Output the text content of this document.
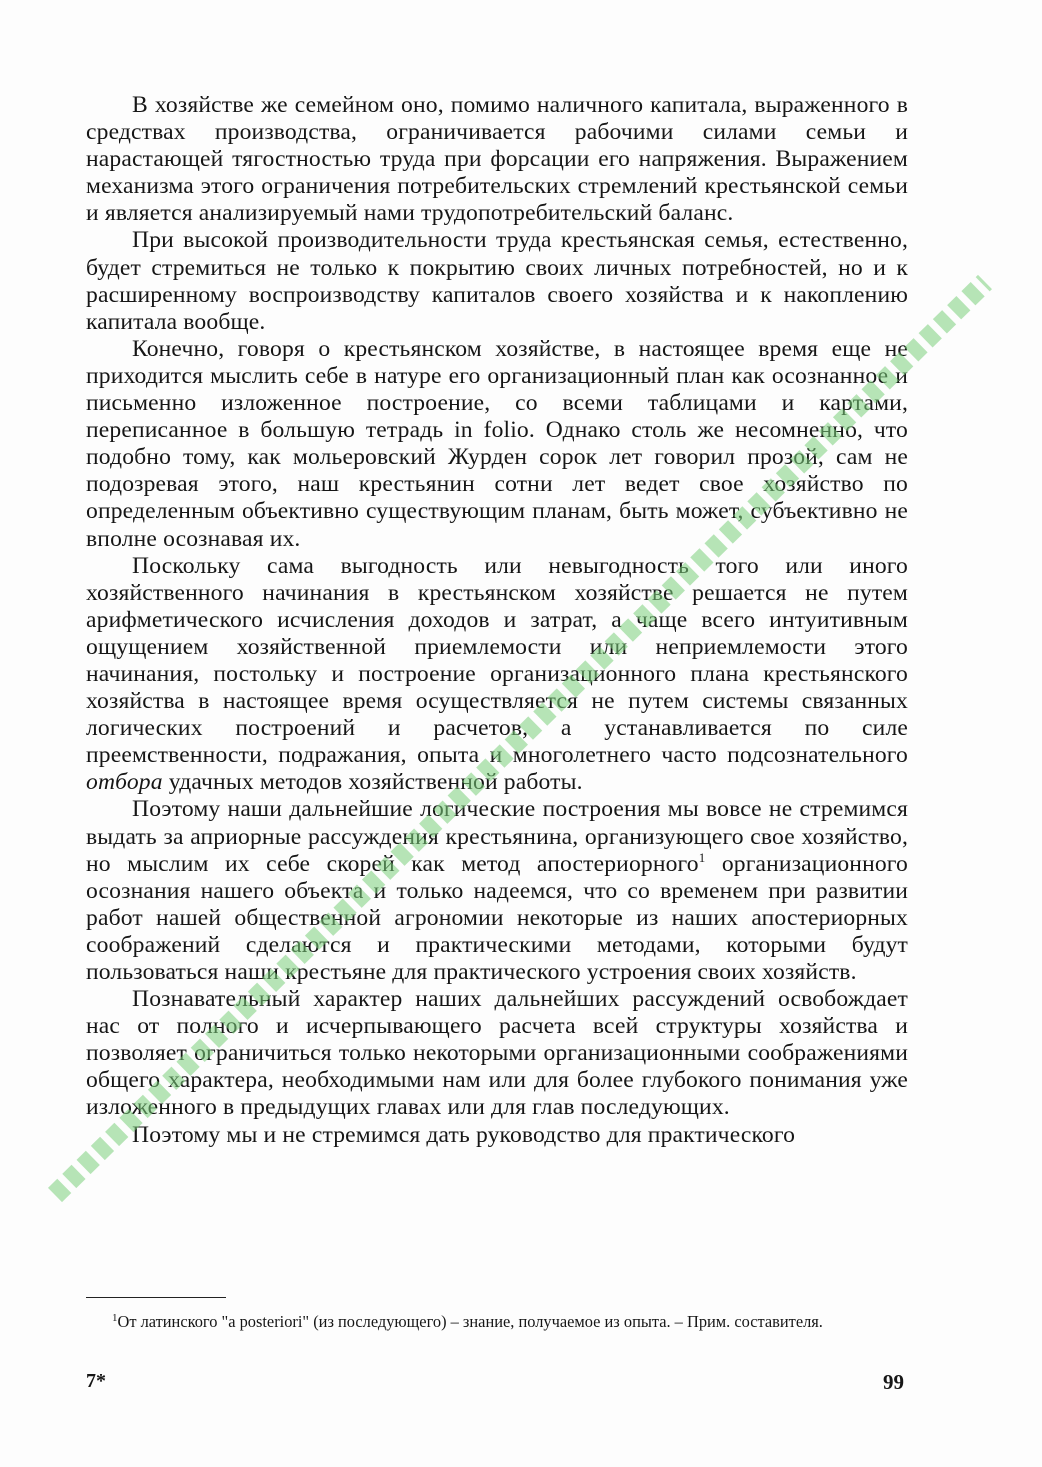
В хозяйстве же семейном оно, помимо наличного капитала, выраженного в средствах производства, ограничивается рабочими силами семьи и нарастающей тягостностью труда при форсации его напряжения. Выражением механизма этого ограничения потребительских стремлений крестьянской семьи и является анализируемый нами трудопотребительский баланс.

При высокой производительности труда крестьянская семья, естественно, будет стремиться не только к покрытию своих личных потребностей, но и к расширенному воспроизводству капиталов своего хозяйства и к накоплению капитала вообще.

Конечно, говоря о крестьянском хозяйстве, в настоящее время еще не приходится мыслить себе в натуре его организационный план как осознанное и письменно изложенное построение, со всеми таблицами и картами, переписанное в большую тетрадь in folio. Однако столь же несомненно, что подобно тому, как мольеровский Журден сорок лет говорил прозой, сам не подозревая этого, наш крестьянин сотни лет ведет свое хозяйство по определенным объективно существующим планам, быть может, субъективно не вполне осознавая их.

Поскольку сама выгодность или невыгодность того или иного хозяйственного начинания в крестьянском хозяйстве решается не путем арифметического исчисления доходов и затрат, а чаще всего интуитивным ощущением хозяйственной приемлемости или неприемлемости этого начинания, постольку и построение организационного плана крестьянского хозяйства в настоящее время осуществляется не путем системы связанных логических построений и расчетов, а устанавливается по силе преемственности, подражания, опыта и многолетнего часто подсознательного отбора удачных методов хозяйственной работы.

Поэтому наши дальнейшие логические построения мы вовсе не стремимся выдать за априорные рассуждения крестьянина, организующего свое хозяйство, но мыслим их себе скорей как метод апостериорного$^1$ организационного осознания нашего объекта и только надеемся, что со временем при развитии работ нашей общественной агрономии некоторые из наших апостериорных соображений сделаются и практическими методами, которыми будут пользоваться наши крестьяне для практического устроения своих хозяйств.

Познавательный характер наших дальнейших рассуждений освобождает нас от полного и исчерпывающего расчета всей структуры хозяйства и позволяет ограничиться только некоторыми организационными соображениями общего характера, необходимыми нам или для более глубокого понимания уже изложенного в предыдущих главах или для глав последующих.

Поэтому мы и не стремимся дать руководство для практического

$^1$От латинского "a posteriori" (из последующего) – знание, получаемое из опыта. – Прим. составителя.

7*	99
